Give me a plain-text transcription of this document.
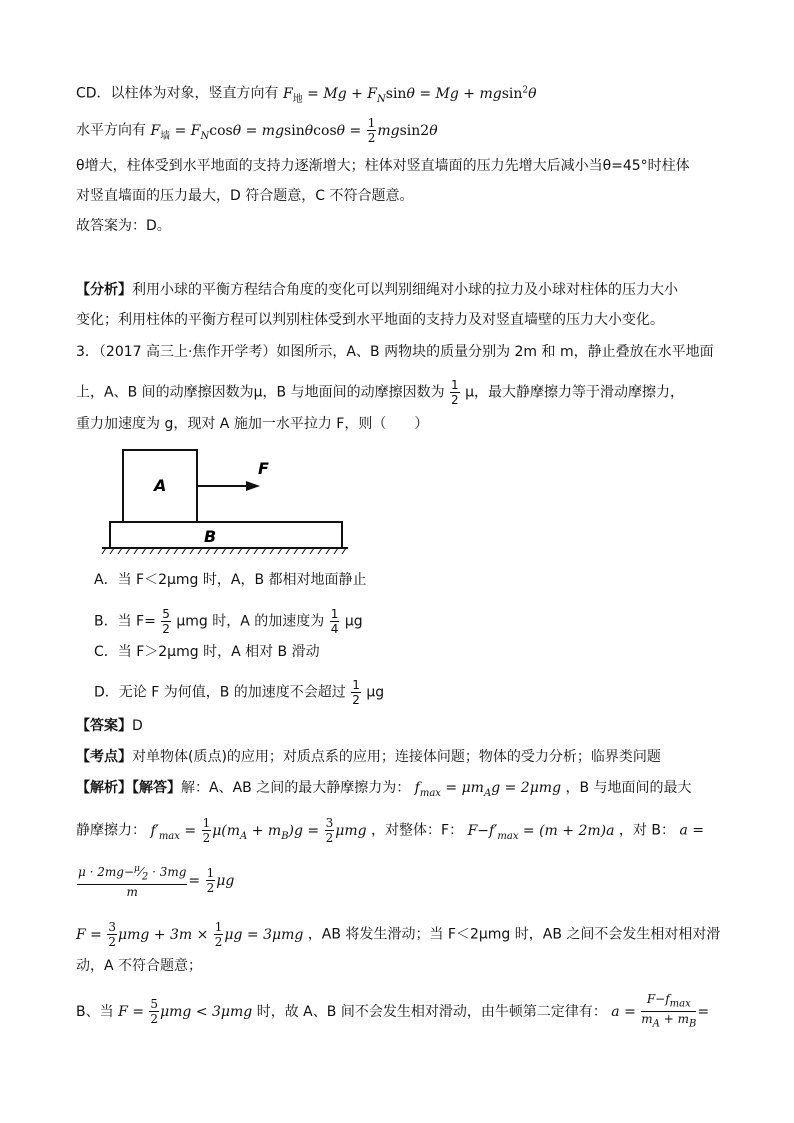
CD．以柱体为对象，竖直方向有 $F_地 = Mg + F_N\sin\theta = Mg + mgsin^2\theta$
水平方向有 $F_墙 = F_N\cos\theta = mgsin\theta\cos\theta = \frac{1}{2} mgsin2\theta$
θ增大，柱体受到水平地面的支持力逐渐增大；柱体对竖直墙面的压力先增大后减小当θ=45°时柱体
对竖直墙面的压力最大，D 符合题意，C 不符合题意。
故答案为：D。
【分析】利用小球的平衡方程结合角度的变化可以判别细绳对小球的拉力及小球对柱体的压力大小
变化；利用柱体的平衡方程可以判别柱体受到水平地面的支持力及对竖直墙壁的压力大小变化。
3．（2017 高三上·焦作开学考）如图所示，A、B 两物块的质量分别为 2m 和 m，静止叠放在水平地面
上，A、B 间的动摩擦因数为μ，B 与地面间的动摩擦因数为 $\frac{1}{2}$ μ，最大静摩擦力等于滑动摩擦力，
重力加速度为 g，现对 A 施加一水平拉力 F，则（　　）
A
B
F
A．当 F＜2μmg 时，A，B 都相对地面静止
B．当 $F= \frac{5}{2}$ μmg 时，A 的加速度为 $\frac{1}{4}$ μg
C．当 F＞2μmg 时，A 相对 B 滑动
D．无论 F 为何值，B 的加速度不会超过 $\frac{1}{2}$ μg
【答案】D
【考点】对单物体(质点)的应用；对质点系的应用；连接体问题；物体的受力分析；临界类问题
【解析】【解答】解：A、AB 之间的最大静摩擦力为： $f_{max} = \mu m_Ag = 2\mu mg$ ，B 与地面间的最大
静摩擦力： $f'_{max} = \frac{1}{2} \mu(m_A + m_B)g = \frac{3}{2}$ μmg ，对整体：F： $F-f'_{max} = (m + 2m)a$ ，对 B： a =
$\frac{\mu \cdot 2mg-^\mu⁄_2 \cdot 3mg}{m} = \frac{1}{2}$ μg
$F = \frac{3}{2}$ $\mu mg + 3m \times \frac{1}{2}$ μg = 3μmg ，AB 将发生滑动；当 F＜2μmg 时，AB 之间不会发生相对相对滑
动，A 不符合题意；
B、当 $F = \frac{5}{2}$ μmg < 3μmg 时，故 A、B 间不会发生相对滑动，由牛顿第二定律有： $a = \frac{F-f_{max}}{m_A + m_B}$ =
